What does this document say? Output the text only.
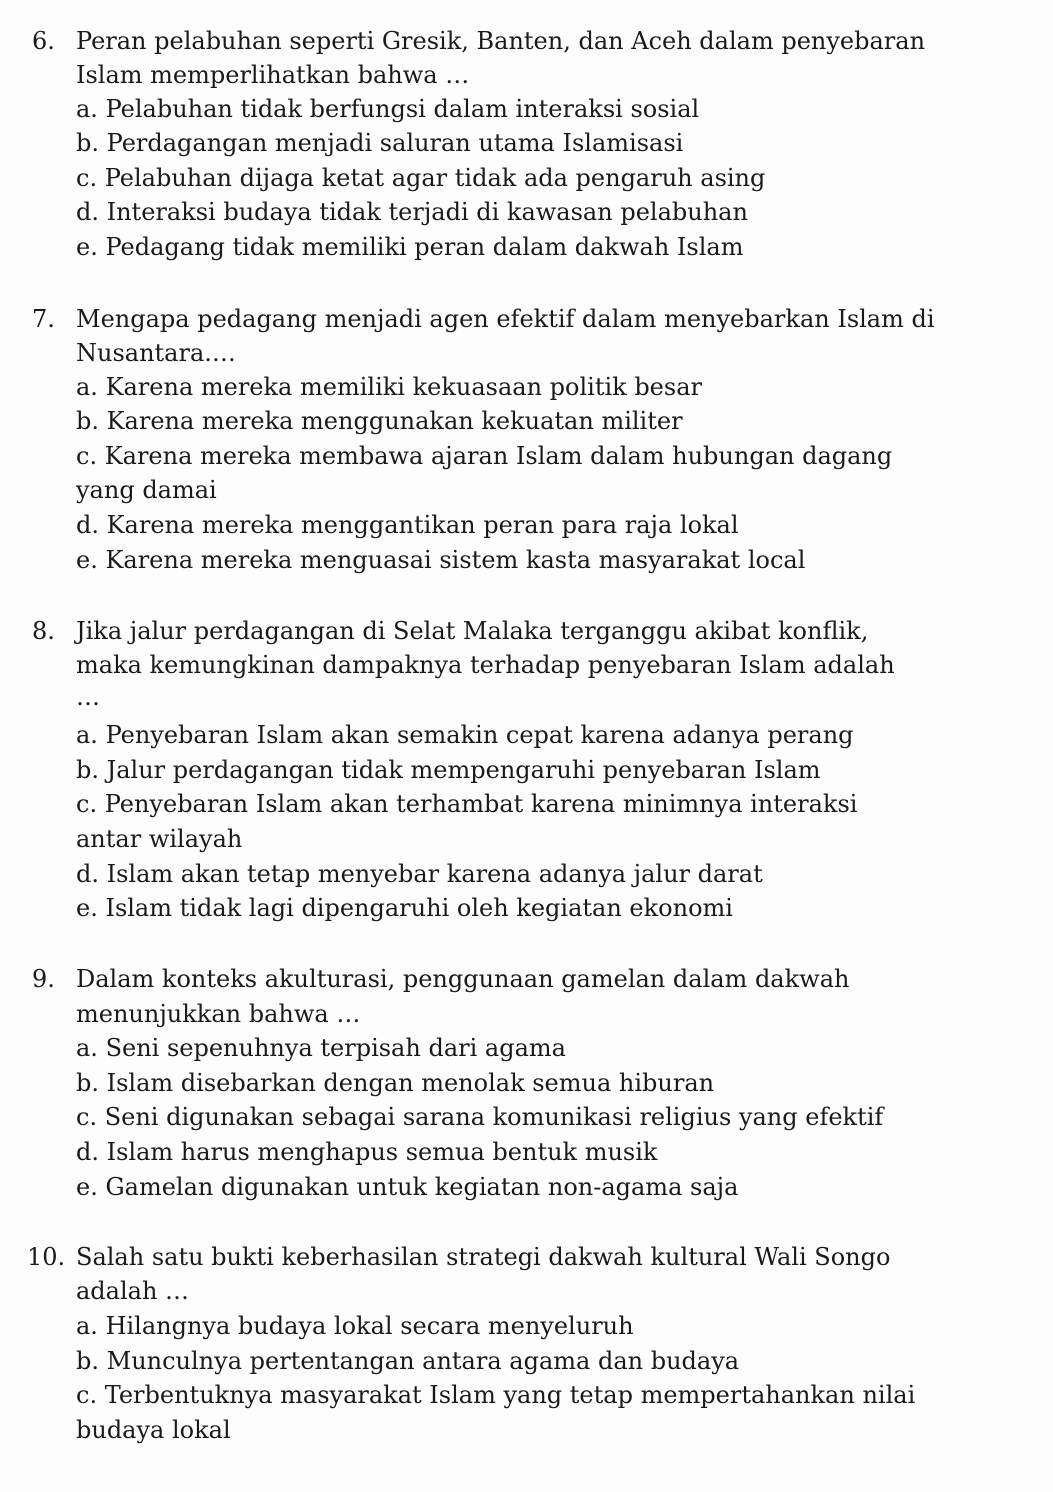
6. Peran pelabuhan seperti Gresik, Banten, dan Aceh dalam penyebaran
Islam memperlihatkan bahwa …
a. Pelabuhan tidak berfungsi dalam interaksi sosial
b. Perdagangan menjadi saluran utama Islamisasi
c. Pelabuhan dijaga ketat agar tidak ada pengaruh asing
d. Interaksi budaya tidak terjadi di kawasan pelabuhan
e. Pedagang tidak memiliki peran dalam dakwah Islam
7. Mengapa pedagang menjadi agen efektif dalam menyebarkan Islam di
Nusantara.…
a. Karena mereka memiliki kekuasaan politik besar
b. Karena mereka menggunakan kekuatan militer
c. Karena mereka membawa ajaran Islam dalam hubungan dagang
yang damai
d. Karena mereka menggantikan peran para raja lokal
e. Karena mereka menguasai sistem kasta masyarakat local
8. Jika jalur perdagangan di Selat Malaka terganggu akibat konflik,
maka kemungkinan dampaknya terhadap penyebaran Islam adalah
…
a. Penyebaran Islam akan semakin cepat karena adanya perang
b. Jalur perdagangan tidak mempengaruhi penyebaran Islam
c. Penyebaran Islam akan terhambat karena minimnya interaksi
antar wilayah
d. Islam akan tetap menyebar karena adanya jalur darat
e. Islam tidak lagi dipengaruhi oleh kegiatan ekonomi
9. Dalam konteks akulturasi, penggunaan gamelan dalam dakwah
menunjukkan bahwa …
a. Seni sepenuhnya terpisah dari agama
b. Islam disebarkan dengan menolak semua hiburan
c. Seni digunakan sebagai sarana komunikasi religius yang efektif
d. Islam harus menghapus semua bentuk musik
e. Gamelan digunakan untuk kegiatan non-agama saja
10. Salah satu bukti keberhasilan strategi dakwah kultural Wali Songo
adalah …
a. Hilangnya budaya lokal secara menyeluruh
b. Munculnya pertentangan antara agama dan budaya
c. Terbentuknya masyarakat Islam yang tetap mempertahankan nilai
budaya lokal
